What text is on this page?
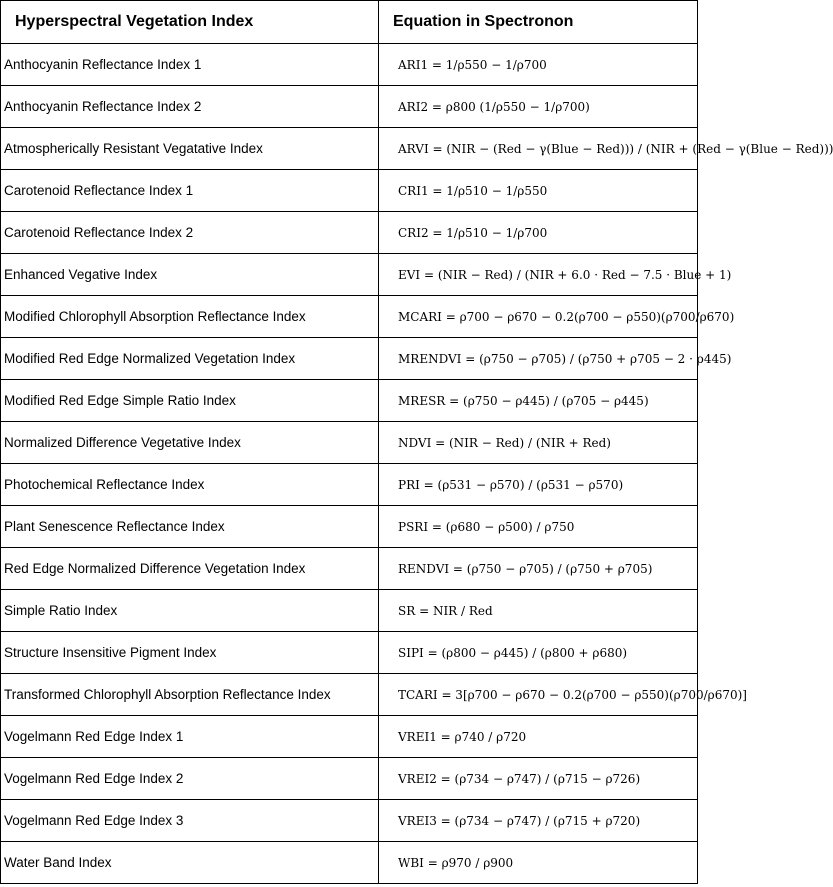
Hyperspectral Vegetation Index	Equation in Spectronon
Anthocyanin Reflectance Index 1	ARI1 = 1/ρ550 − 1/ρ700
Anthocyanin Reflectance Index 2	ARI2 = ρ800 (1/ρ550 − 1/ρ700)
Atmospherically Resistant Vegatative Index	ARVI = (NIR − (Red − γ(Blue − Red))) / (NIR + (Red − γ(Blue − Red)))
Carotenoid Reflectance Index 1	CRI1 = 1/ρ510 − 1/ρ550
Carotenoid Reflectance Index 2	CRI2 = 1/ρ510 − 1/ρ700
Enhanced Vegative Index	EVI = (NIR − Red) / (NIR + 6.0 · Red − 7.5 · Blue + 1)
Modified Chlorophyll Absorption Reflectance Index	MCARI = ρ700 − ρ670 − 0.2(ρ700 − ρ550)(ρ700/ρ670)
Modified Red Edge Normalized Vegetation Index	MRENDVI = (ρ750 − ρ705) / (ρ750 + ρ705 − 2 · ρ445)
Modified Red Edge Simple Ratio Index	MRESR = (ρ750 − ρ445) / (ρ705 − ρ445)
Normalized Difference Vegetative Index	NDVI = (NIR − Red) / (NIR + Red)
Photochemical Reflectance Index	PRI = (ρ531 − ρ570) / (ρ531 − ρ570)
Plant Senescence Reflectance Index	PSRI = (ρ680 − ρ500) / ρ750
Red Edge Normalized Difference Vegetation Index	RENDVI = (ρ750 − ρ705) / (ρ750 + ρ705)
Simple Ratio Index	SR = NIR / Red
Structure Insensitive Pigment Index	SIPI = (ρ800 − ρ445) / (ρ800 + ρ680)
Transformed Chlorophyll Absorption Reflectance Index	TCARI = 3[ρ700 − ρ670 − 0.2(ρ700 − ρ550)(ρ700/ρ670)]
Vogelmann Red Edge Index 1	VREI1 = ρ740 / ρ720
Vogelmann Red Edge Index 2	VREI2 = (ρ734 − ρ747) / (ρ715 − ρ726)
Vogelmann Red Edge Index 3	VREI3 = (ρ734 − ρ747) / (ρ715 + ρ720)
Water Band Index	WBI = ρ970 / ρ900
